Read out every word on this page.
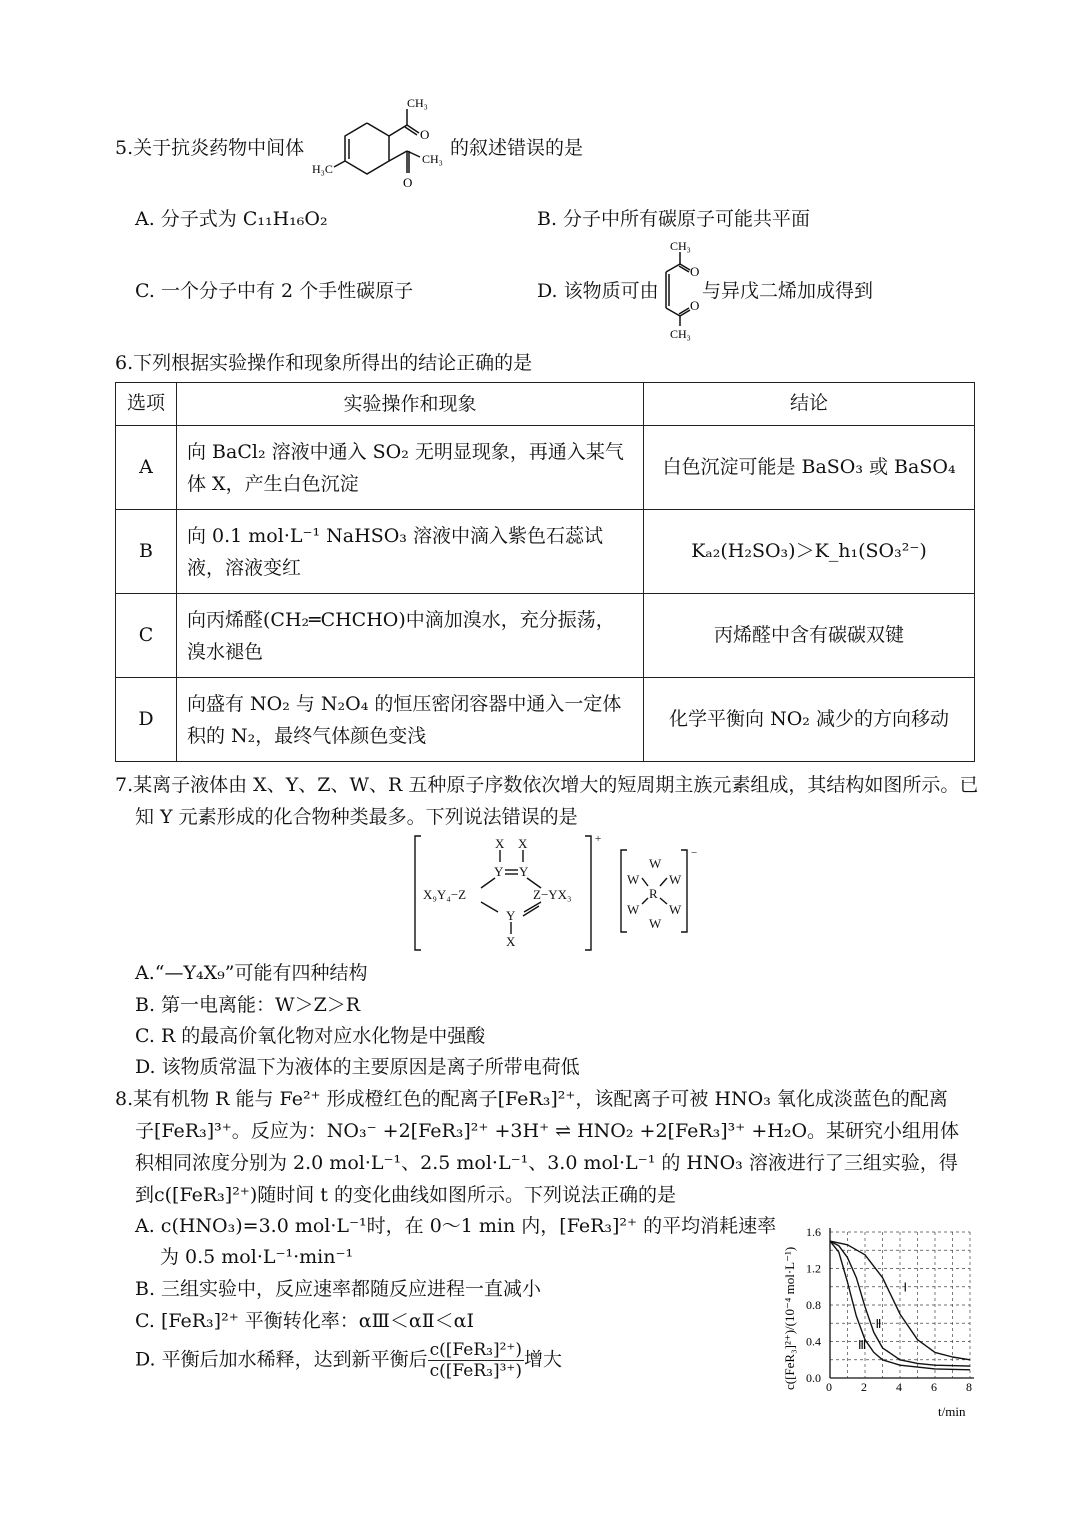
5.关于抗炎药物中间体
CH₃
O
CH₃
O
H₃C
的叙述错误的是
A. 分子式为 C₁₁H₁₆O₂	B. 分子中所有碳原子可能共平面
C. 一个分子中有 2 个手性碳原子	D. 该物质可由
CH₃
O
O
CH₃
与异戊二烯加成得到
6.下列根据实验操作和现象所得出的结论正确的是
选项	实验操作和现象	结论
A	向 BaCl₂ 溶液中通入 SO₂ 无明显现象，再通入某气体 X，产生白色沉淀	白色沉淀可能是 BaSO₃ 或 BaSO₄
B	向 0.1 mol·L⁻¹ NaHSO₃ 溶液中滴入紫色石蕊试液，溶液变红	Kₐ₂(H₂SO₃)＞K_h₁(SO₃²⁻)
C	向丙烯醛(CH₂═CHCHO)中滴加溴水，充分振荡，溴水褪色	丙烯醛中含有碳碳双键
D	向盛有 NO₂ 与 N₂O₄ 的恒压密闭容器中通入一定体积的 N₂，最终气体颜色变浅	化学平衡向 NO₂ 减少的方向移动
7.某离子液体由 X、Y、Z、W、R 五种原子序数依次增大的短周期主族元素组成，其结构如图所示。已
知 Y 元素形成的化合物种类最多。下列说法错误的是
X X
Y Y
X₉Y₄−Z	Z−YX₃
Y
X
+
W
W W
R
W W
W
−
A.“—Y₄X₉”可能有四种结构
B. 第一电离能：W＞Z＞R
C. R 的最高价氧化物对应水化物是中强酸
D. 该物质常温下为液体的主要原因是离子所带电荷低
8.某有机物 R 能与 Fe²⁺ 形成橙红色的配离子[FeR₃]²⁺，该配离子可被 HNO₃ 氧化成淡蓝色的配离
子[FeR₃]³⁺。反应为：NO₃⁻ +2[FeR₃]²⁺ +3H⁺ ⇌ HNO₂ +2[FeR₃]³⁺ +H₂O。某研究小组用体
积相同浓度分别为 2.0 mol·L⁻¹、2.5 mol·L⁻¹、3.0 mol·L⁻¹ 的 HNO₃ 溶液进行了三组实验，得
到c([FeR₃]²⁺)随时间 t 的变化曲线如图所示。下列说法正确的是
A. c(HNO₃)=3.0 mol·L⁻¹时，在 0～1 min 内，[FeR₃]²⁺ 的平均消耗速率
为 0.5 mol·L⁻¹·min⁻¹
B. 三组实验中，反应速率都随反应进程一直减小
C. [FeR₃]²⁺ 平衡转化率：αⅢ＜αⅡ＜αⅠ
D. 平衡后加水稀释，达到新平衡后 $\frac{\text{c([FeR₃]²⁺)}}{\text{c([FeR₃]³⁺)}}$ 增大
Ⅰ
Ⅱ
Ⅲ
0 2 4 6 8
0.0
0.4
0.8
1.2
1.6
c([FeR₃]²⁺)/(10⁻⁴ mol·L⁻¹)
t/min
